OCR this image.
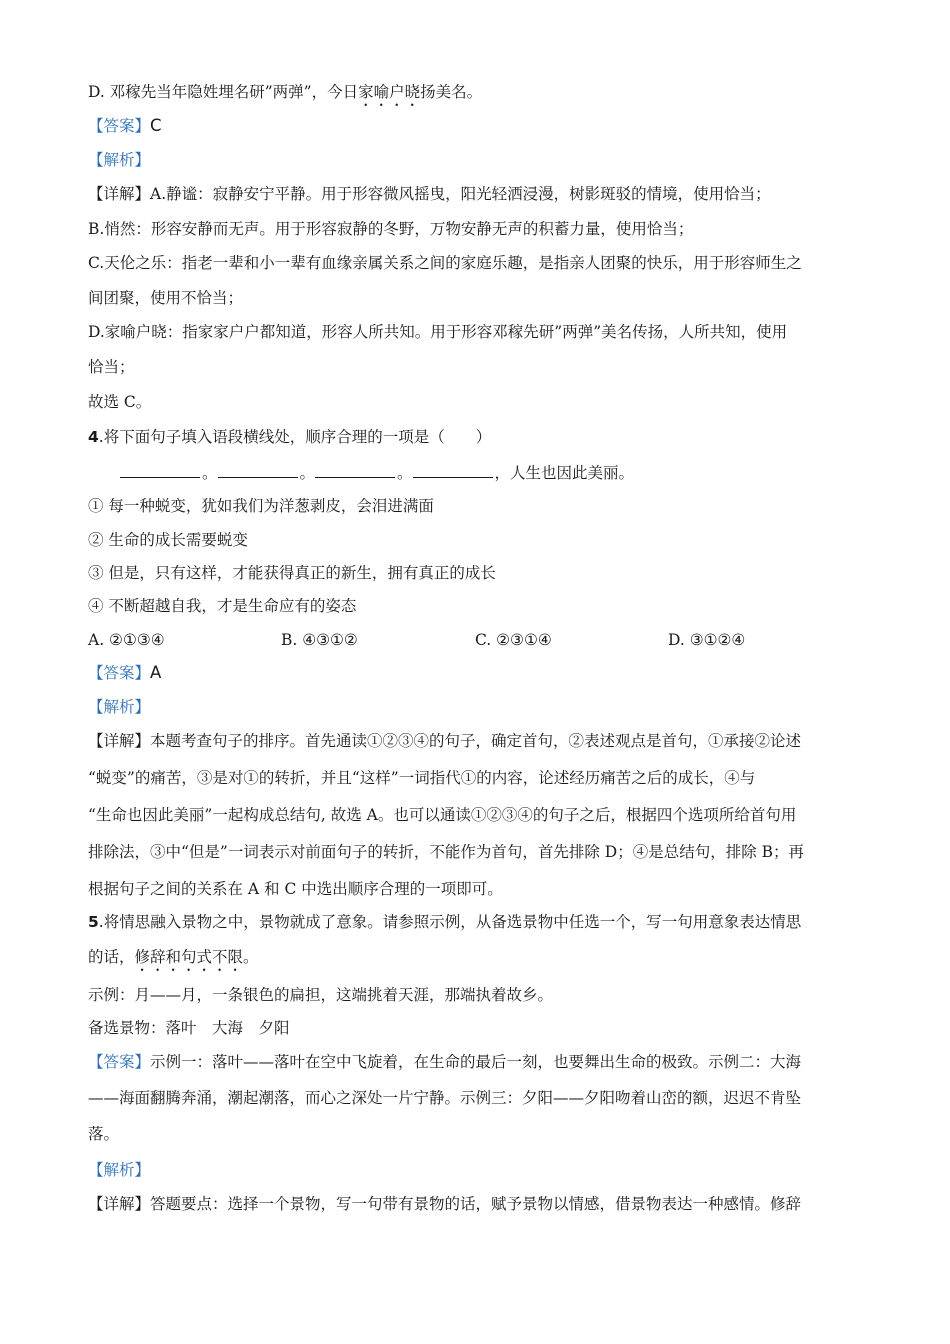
D. 邓稼先当年隐姓埋名研”两弹”，今日家喻户晓扬美名。
【答案】C
【解析】
【详解】A.静谧：寂静安宁平静。用于形容微风摇曳，阳光轻洒浸漫，树影斑驳的情境，使用恰当；
B.悄然：形容安静而无声。用于形容寂静的冬野，万物安静无声的积蓄力量，使用恰当；
C.天伦之乐：指老一辈和小一辈有血缘亲属关系之间的家庭乐趣，是指亲人团聚的快乐，用于形容师生之
间团聚，使用不恰当；
D.家喻户晓：指家家户户都知道，形容人所共知。用于形容邓稼先研”两弹”美名传扬，人所共知，使用
恰当；
故选 C。
4.将下面句子填入语段横线处，顺序合理的一项是（　　）
。	。	。	，人生也因此美丽。
① 每一种蜕变，犹如我们为洋葱剥皮，会泪进满面
② 生命的成长需要蜕变
③ 但是，只有这样，才能获得真正的新生，拥有真正的成长
④ 不断超越自我，才是生命应有的姿态
A. ②①③④	B. ④③①②	C. ②③①④	D. ③①②④
【答案】A
【解析】
【详解】本题考查句子的排序。首先通读①②③④的句子，确定首句，②表述观点是首句，①承接②论述
“蜕变”的痛苦，③是对①的转折，并且“这样”一词指代①的内容，论述经历痛苦之后的成长，④与
“生命也因此美丽”一起构成总结句, 故选 A。也可以通读①②③④的句子之后，根据四个选项所给首句用
排除法，③中“但是”一词表示对前面句子的转折，不能作为首句，首先排除 D；④是总结句，排除 B；再
根据句子之间的关系在 A 和 C 中选出顺序合理的一项即可。
5.将情思融入景物之中，景物就成了意象。请参照示例，从备选景物中任选一个，写一句用意象表达情思
的话，修辞和句式不限。
示例：月——月，一条银色的扁担，这端挑着天涯，那端执着故乡。
备选景物：落叶　大海　夕阳
【答案】示例一：落叶——落叶在空中飞旋着，在生命的最后一刻，也要舞出生命的极致。示例二：大海
——海面翻腾奔涌，潮起潮落，而心之深处一片宁静。示例三：夕阳——夕阳吻着山峦的额，迟迟不肯坠
落。
【解析】
【详解】答题要点：选择一个景物，写一句带有景物的话，赋予景物以情感，借景物表达一种感情。修辞
